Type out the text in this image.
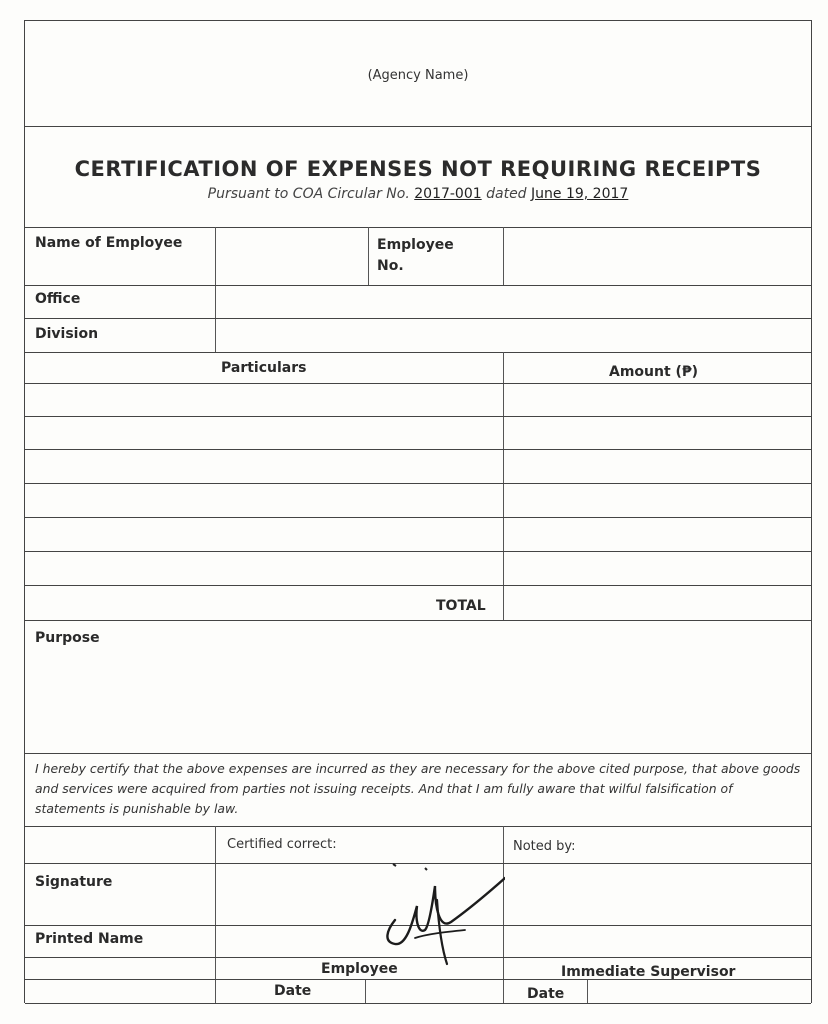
(Agency Name)
CERTIFICATION OF EXPENSES NOT REQUIRING RECEIPTS
Pursuant to COA Circular No. 2017-001 dated June 19, 2017
Name of Employee	Employee
No.
Office
Division
Particulars	Amount (₱)
TOTAL
Purpose
I hereby certify that the above expenses are incurred as they are necessary for the above cited purpose, that above goods and services were acquired from parties not issuing receipts. And that I am fully aware that wilful falsification of statements is punishable by law.
Certified correct:	Noted by:
Signature
Printed Name
Employee	Immediate Supervisor
Date	Date
